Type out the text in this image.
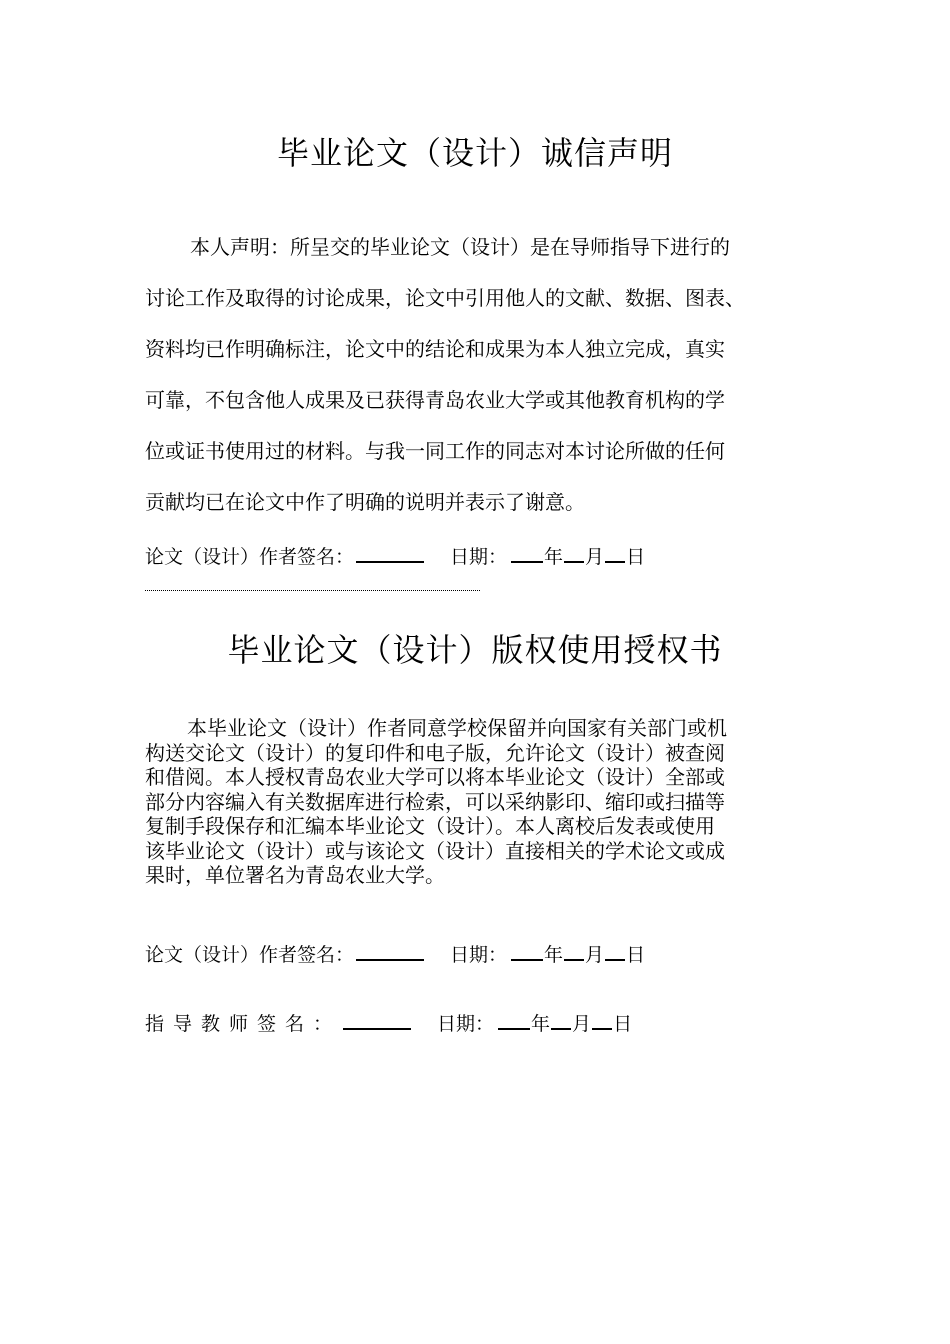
毕业论文（设计）诚信声明
本人声明：所呈交的毕业论文（设计）是在导师指导下进行的
讨论工作及取得的讨论成果，论文中引用他人的文献、数据、图表、
资料均已作明确标注，论文中的结论和成果为本人独立完成，真实
可靠，不包含他人成果及已获得青岛农业大学或其他教育机构的学
位或证书使用过的材料。与我一同工作的同志对本讨论所做的任何
贡献均已在论文中作了明确的说明并表示了谢意。
论文（设计）作者签名：	日期： 年 月 日
毕业论文（设计）版权使用授权书
本毕业论文（设计）作者同意学校保留并向国家有关部门或机
构送交论文（设计）的复印件和电子版，允许论文（设计）被查阅
和借阅。本人授权青岛农业大学可以将本毕业论文（设计）全部或
部分内容编入有关数据库进行检索，可以采纳影印、缩印或扫描等
复制手段保存和汇编本毕业论文（设计）。本人离校后发表或使用
该毕业论文（设计）或与该论文（设计）直接相关的学术论文或成
果时，单位署名为青岛农业大学。
论文（设计）作者签名：	日期： 年 月 日
指导教师签名：	日期： 年 月 日
